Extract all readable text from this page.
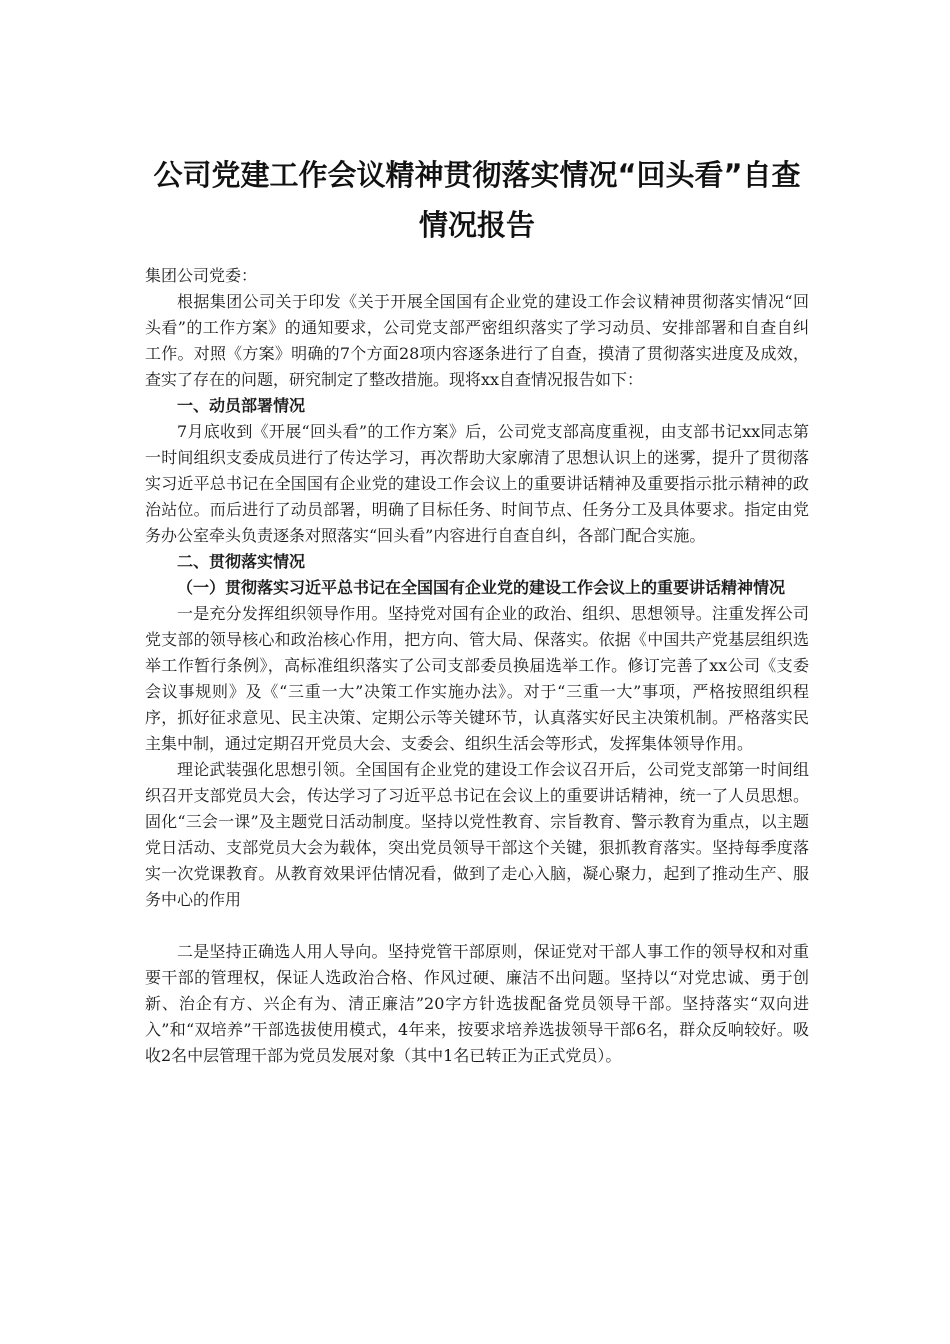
公司党建工作会议精神贯彻落实情况“回头看”自查情况报告

集团公司党委：

根据集团公司关于印发《关于开展全国国有企业党的建设工作会议精神贯彻落实情况“回头看”的工作方案》的通知要求，公司党支部严密组织落实了学习动员、安排部署和自查自纠工作。对照《方案》明确的7个方面28项内容逐条进行了自查，摸清了贯彻落实进度及成效，查实了存在的问题，研究制定了整改措施。现将xx自查情况报告如下：

一、动员部署情况

7月底收到《开展“回头看”的工作方案》后，公司党支部高度重视，由支部书记xx同志第一时间组织支委成员进行了传达学习，再次帮助大家廓清了思想认识上的迷雾，提升了贯彻落实习近平总书记在全国国有企业党的建设工作会议上的重要讲话精神及重要指示批示精神的政治站位。而后进行了动员部署，明确了目标任务、时间节点、任务分工及具体要求。指定由党务办公室牵头负责逐条对照落实“回头看”内容进行自查自纠，各部门配合实施。

二、贯彻落实情况

（一）贯彻落实习近平总书记在全国国有企业党的建设工作会议上的重要讲话精神情况

一是充分发挥组织领导作用。坚持党对国有企业的政治、组织、思想领导。注重发挥公司党支部的领导核心和政治核心作用，把方向、管大局、保落实。依据《中国共产党基层组织选举工作暂行条例》，高标准组织落实了公司支部委员换届选举工作。修订完善了xx公司《支委会议事规则》及《“三重一大”决策工作实施办法》。对于“三重一大”事项，严格按照组织程序，抓好征求意见、民主决策、定期公示等关键环节，认真落实好民主决策机制。严格落实民主集中制，通过定期召开党员大会、支委会、组织生活会等形式，发挥集体领导作用。

理论武装强化思想引领。全国国有企业党的建设工作会议召开后，公司党支部第一时间组织召开支部党员大会，传达学习了习近平总书记在会议上的重要讲话精神，统一了人员思想。固化“三会一课”及主题党日活动制度。坚持以党性教育、宗旨教育、警示教育为重点，以主题党日活动、支部党员大会为载体，突出党员领导干部这个关键，狠抓教育落实。坚持每季度落实一次党课教育。从教育效果评估情况看，做到了走心入脑，凝心聚力，起到了推动生产、服务中心的作用

二是坚持正确选人用人导向。坚持党管干部原则，保证党对干部人事工作的领导权和对重要干部的管理权，保证人选政治合格、作风过硬、廉洁不出问题。坚持以“对党忠诚、勇于创新、治企有方、兴企有为、清正廉洁”20字方针选拔配备党员领导干部。坚持落实“双向进入”和“双培养”干部选拔使用模式，4年来，按要求培养选拔领导干部6名，群众反响较好。吸收2名中层管理干部为党员发展对象（其中1名已转正为正式党员）。
